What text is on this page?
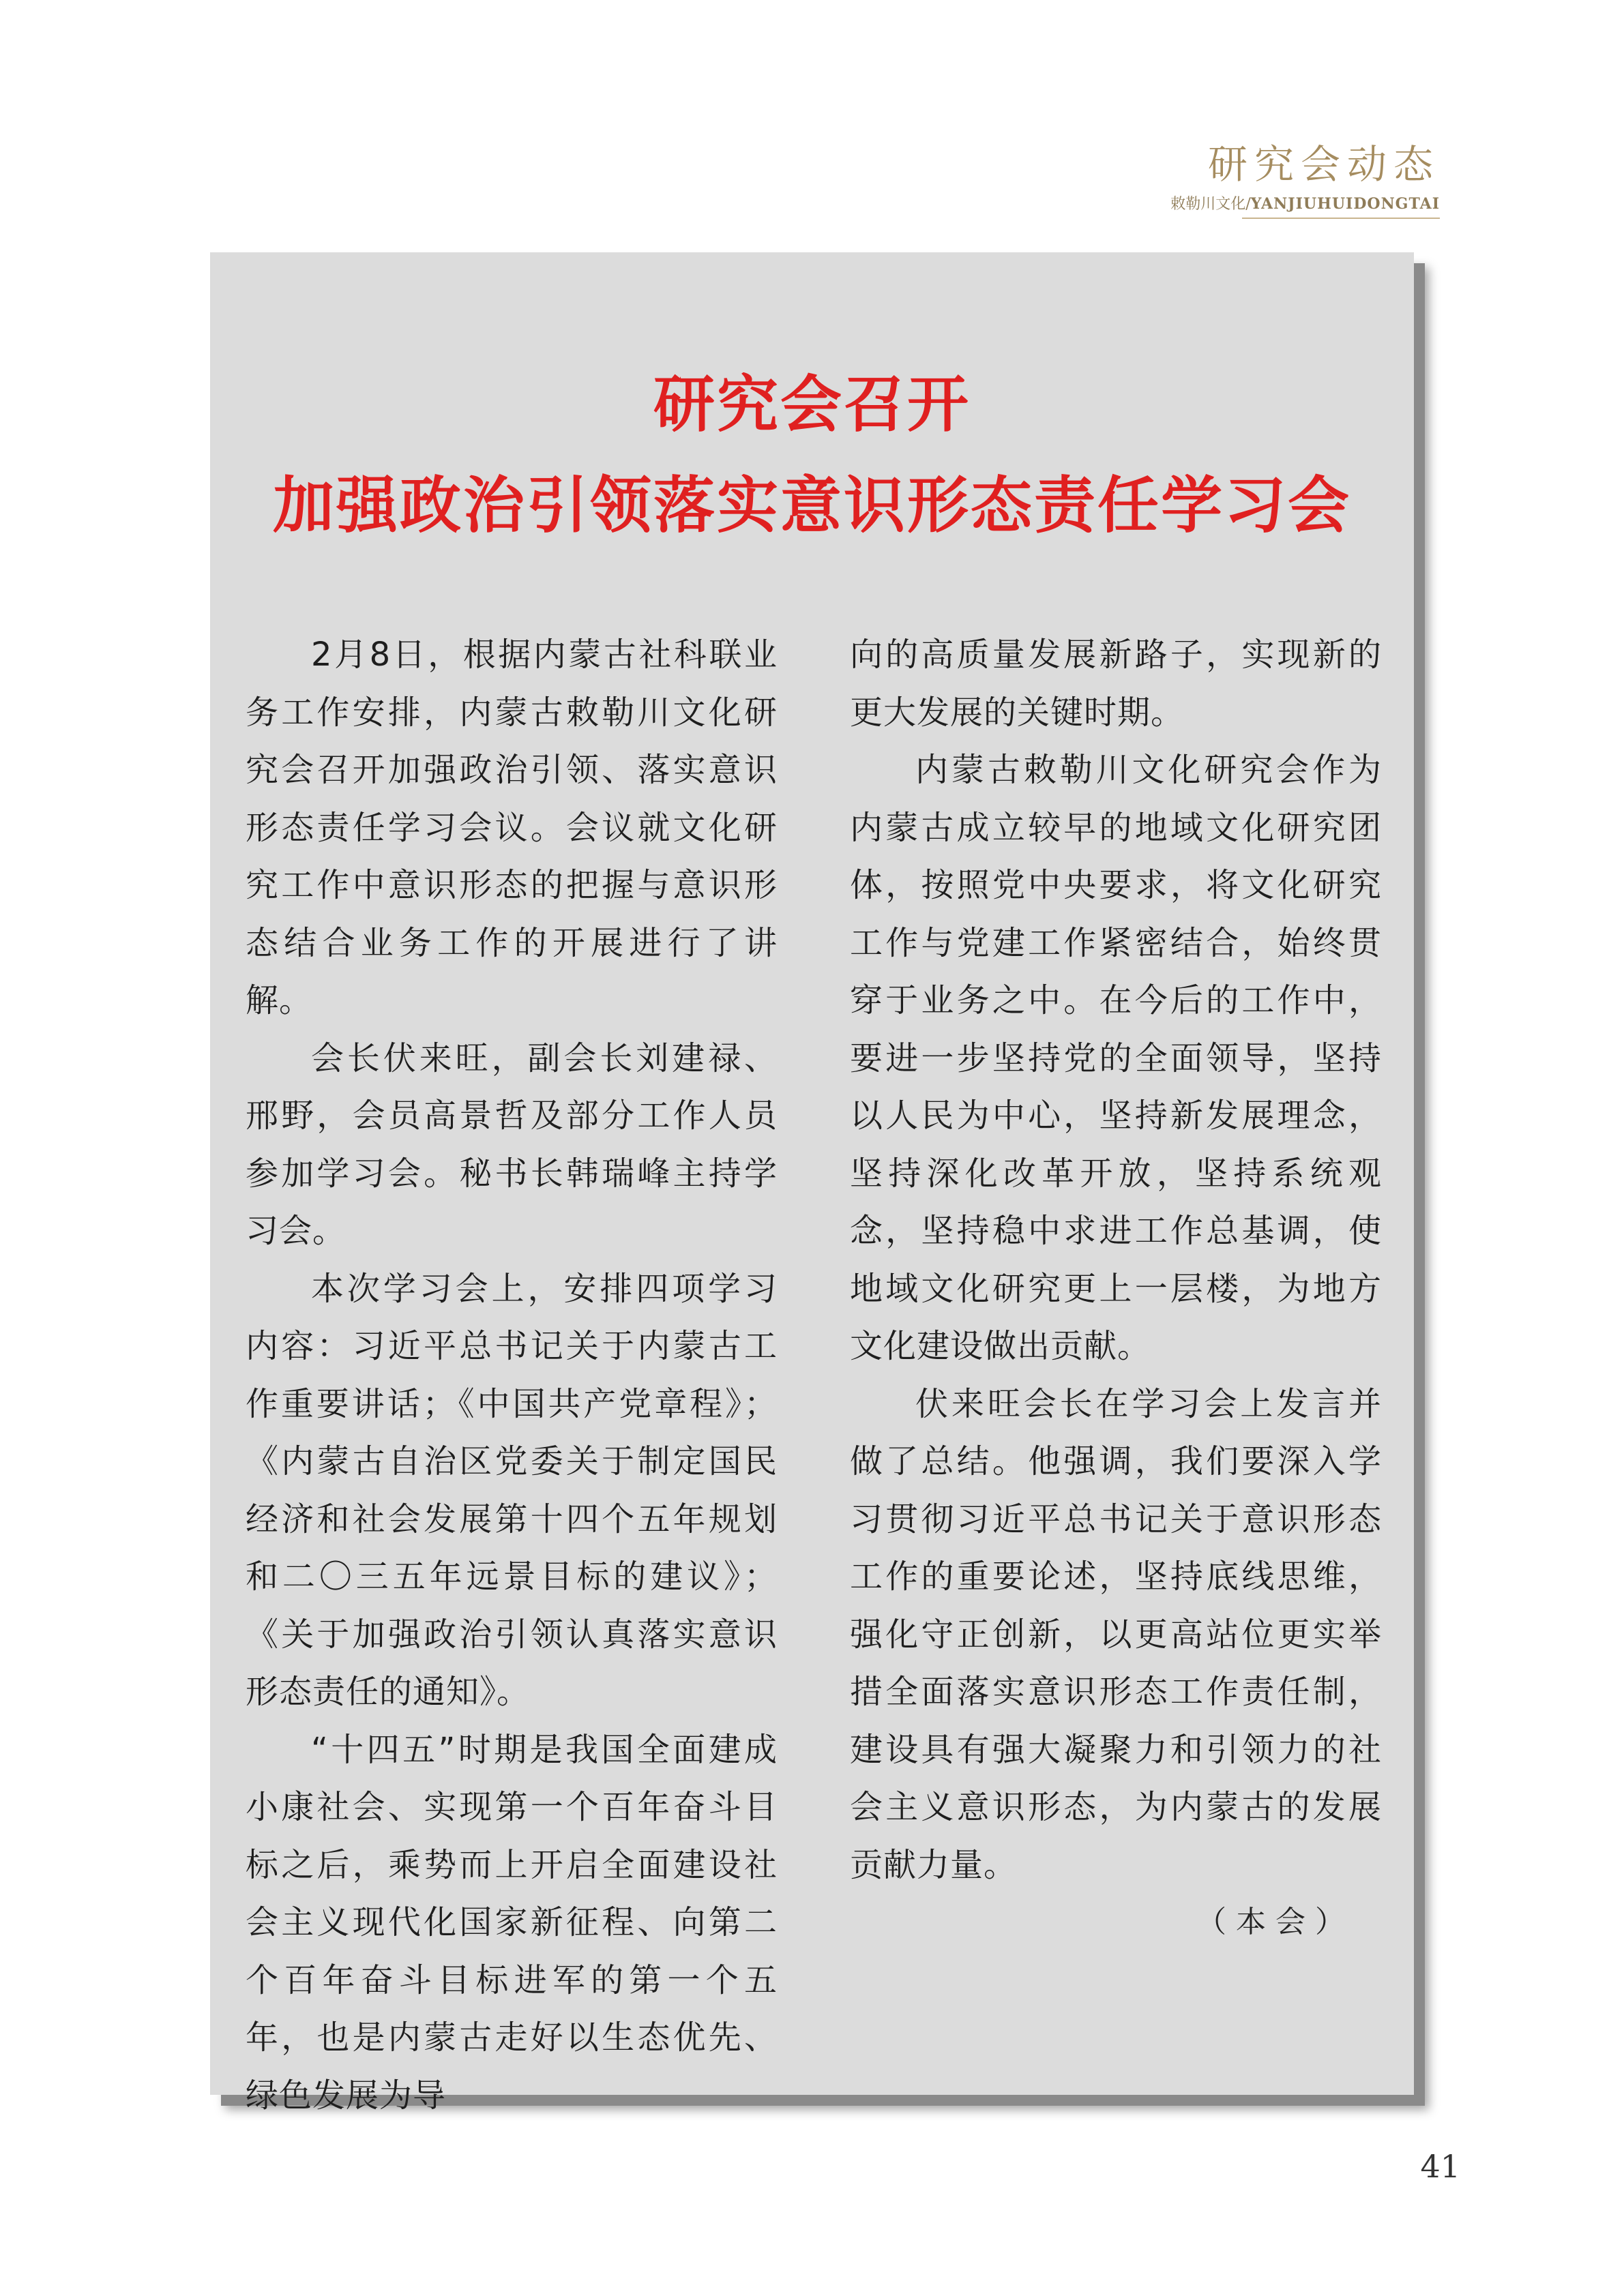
研究会动态
敕勒川文化/YANJIUHUIDONGTAI
研究会召开
加强政治引领落实意识形态责任学习会

2月8日，根据内蒙古社科联业务工作安排，内蒙古敕勒川文化研究会召开加强政治引领、落实意识形态责任学习会议。会议就文化研究工作中意识形态的把握与意识形态结合业务工作的开展进行了讲解。

会长伏来旺，副会长刘建禄、邢野，会员高景哲及部分工作人员参加学习会。秘书长韩瑞峰主持学习会。

本次学习会上，安排四项学习内容：习近平总书记关于内蒙古工作重要讲话；《中国共产党章程》；《内蒙古自治区党委关于制定国民经济和社会发展第十四个五年规划和二〇三五年远景目标的建议》；《关于加强政治引领认真落实意识形态责任的通知》。

“十四五”时期是我国全面建成小康社会、实现第一个百年奋斗目标之后，乘势而上开启全面建设社会主义现代化国家新征程、向第二个百年奋斗目标进军的第一个五年，也是内蒙古走好以生态优先、绿色发展为导

向的高质量发展新路子，实现新的更大发展的关键时期。

内蒙古敕勒川文化研究会作为内蒙古成立较早的地域文化研究团体，按照党中央要求，将文化研究工作与党建工作紧密结合，始终贯穿于业务之中。在今后的工作中，要进一步坚持党的全面领导，坚持以人民为中心，坚持新发展理念，坚持深化改革开放，坚持系统观念，坚持稳中求进工作总基调，使地域文化研究更上一层楼，为地方文化建设做出贡献。

伏来旺会长在学习会上发言并做了总结。他强调，我们要深入学习贯彻习近平总书记关于意识形态工作的重要论述，坚持底线思维，强化守正创新，以更高站位更实举措全面落实意识形态工作责任制，建设具有强大凝聚力和引领力的社会主义意识形态，为内蒙古的发展贡献力量。

（本会）
41
